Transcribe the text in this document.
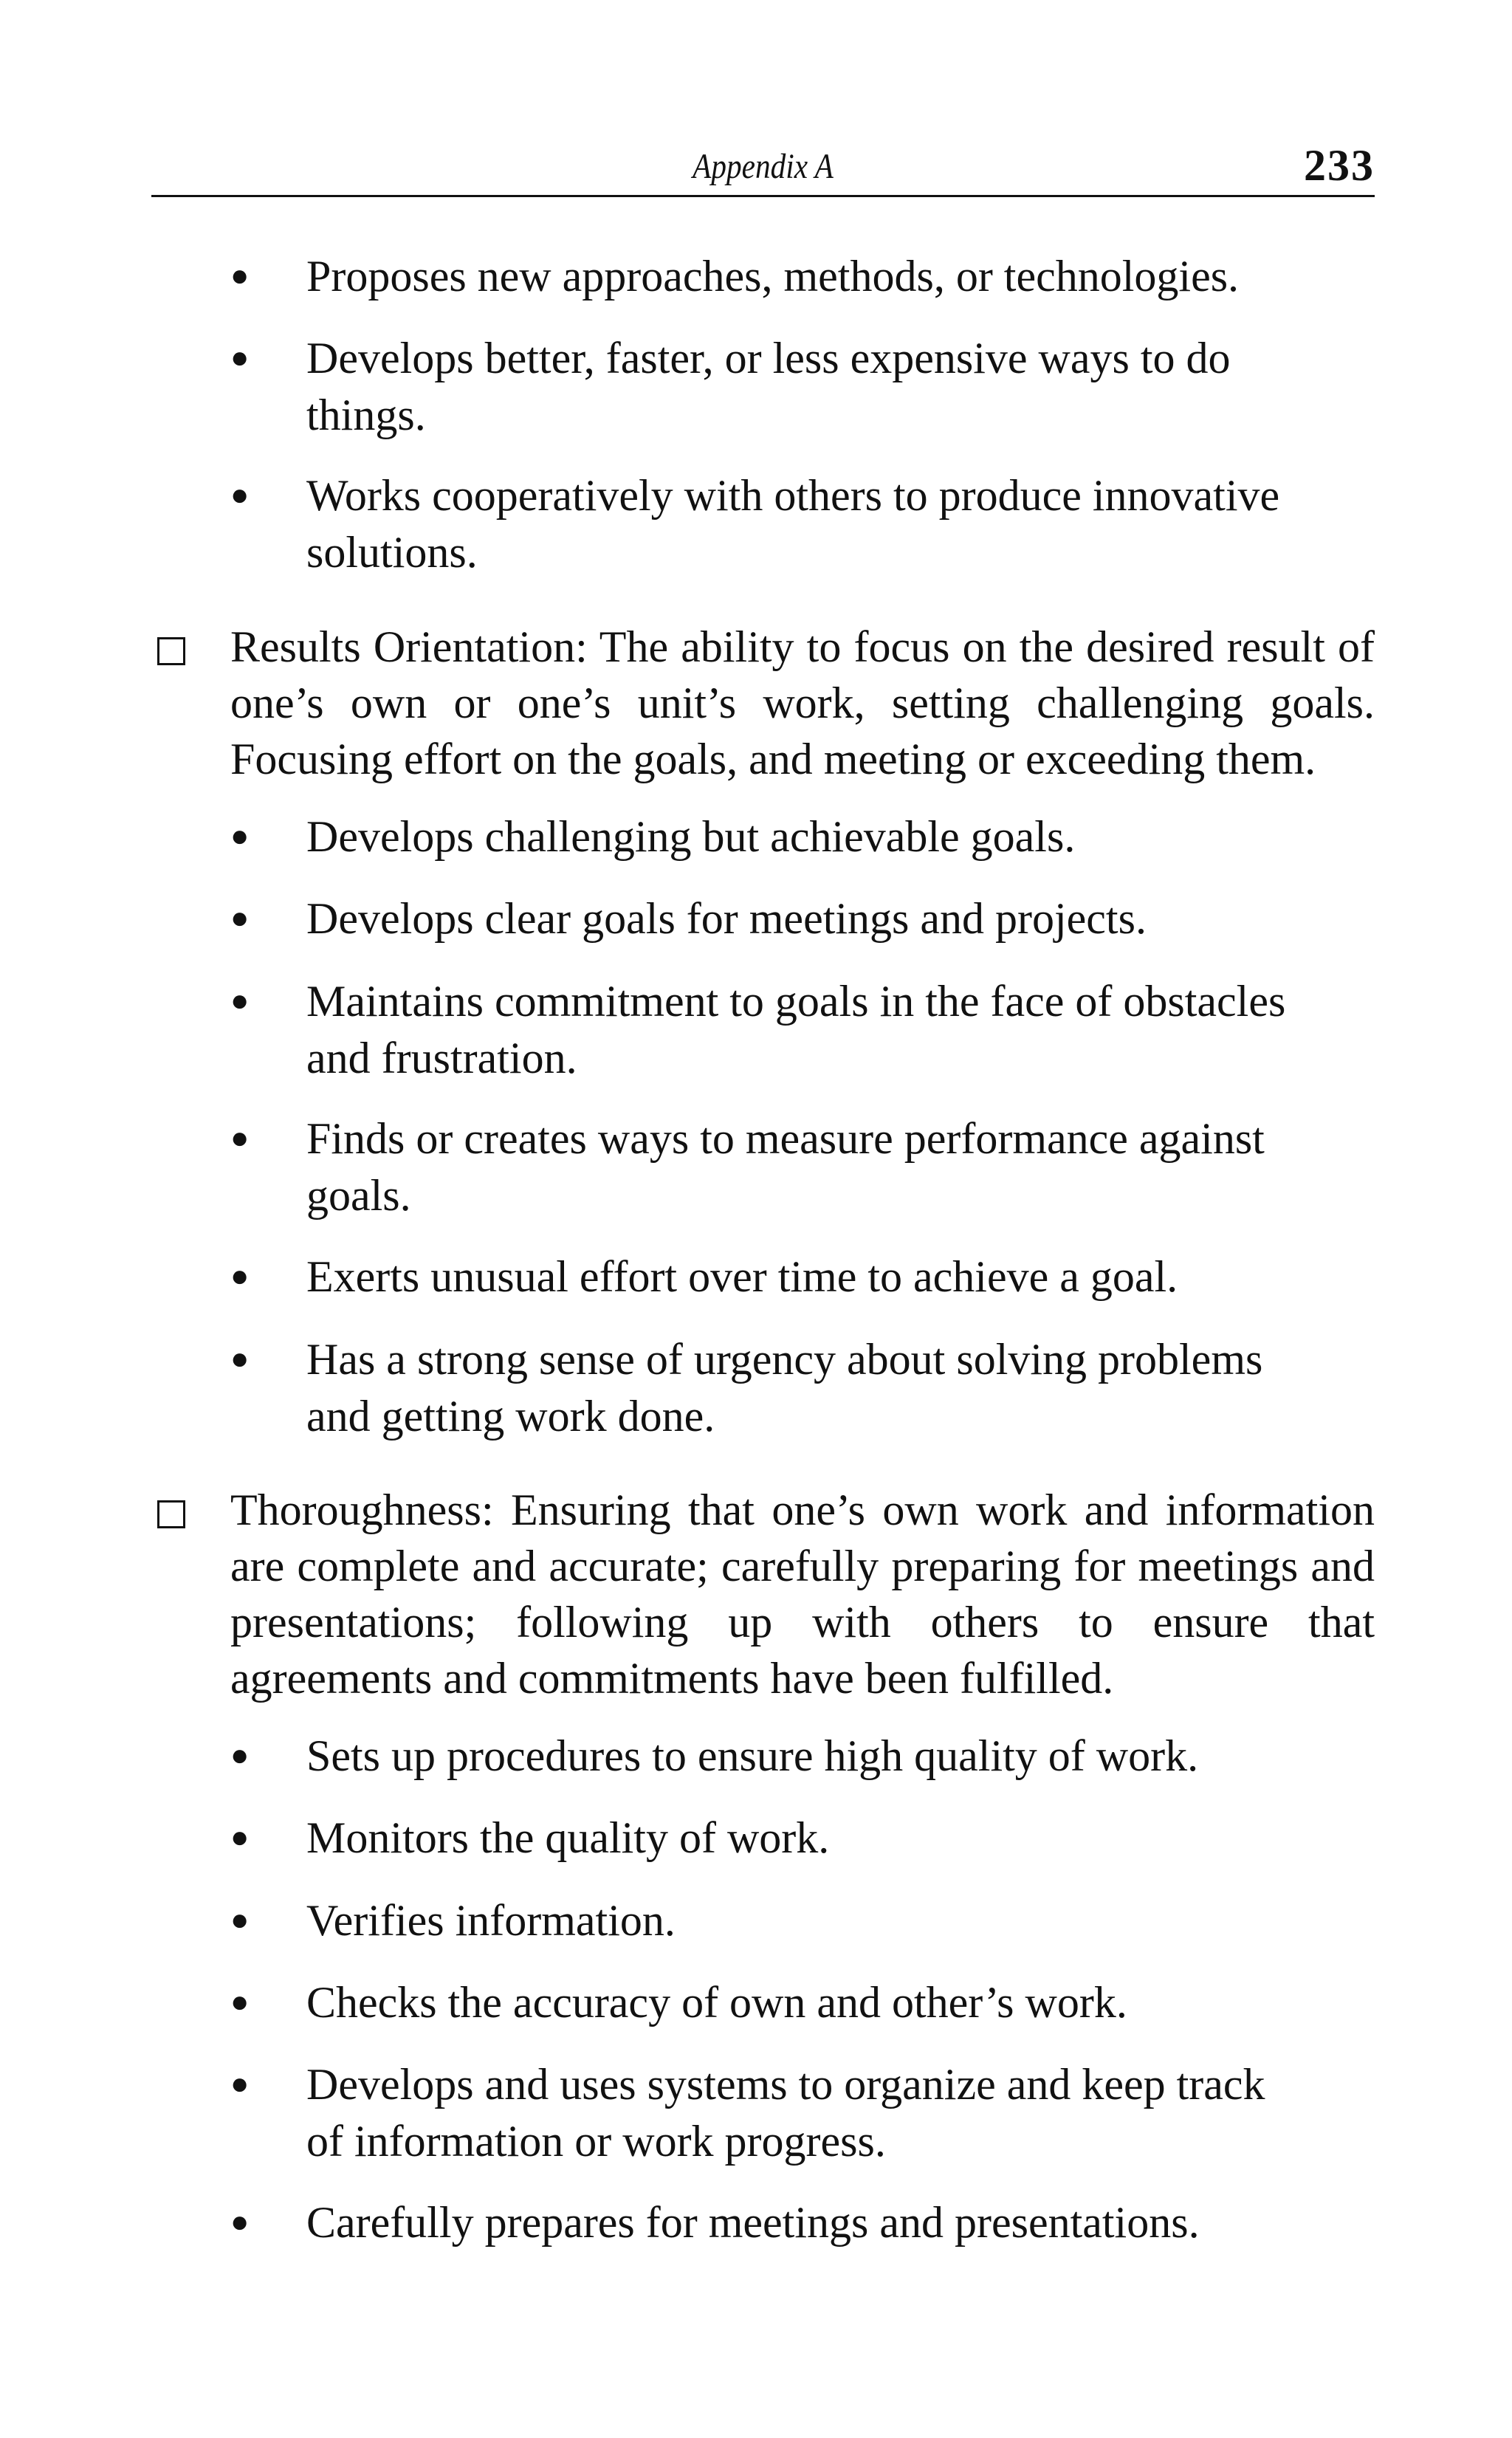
Appendix A	233
●	Proposes new approaches, methods, or technologies.
●	Develops better, faster, or less expensive ways to do things.
●	Works cooperatively with others to produce innovative solutions.
Results Orientation: The ability to focus on the desired result of one’s own or one’s unit’s work, setting challenging goals. Focusing effort on the goals, and meeting or exceeding them.
●	Develops challenging but achievable goals.
●	Develops clear goals for meetings and projects.
●	Maintains commitment to goals in the face of obstacles and frustration.
●	Finds or creates ways to measure performance against goals.
●	Exerts unusual effort over time to achieve a goal.
●	Has a strong sense of urgency about solving problems and getting work done.
Thoroughness: Ensuring that one’s own work and information are complete and accurate; carefully preparing for meetings and presentations; following up with others to ensure that agreements and commitments have been fulfilled.
●	Sets up procedures to ensure high quality of work.
●	Monitors the quality of work.
●	Verifies information.
●	Checks the accuracy of own and other’s work.
●	Develops and uses systems to organize and keep track of information or work progress.
●	Carefully prepares for meetings and presentations.
